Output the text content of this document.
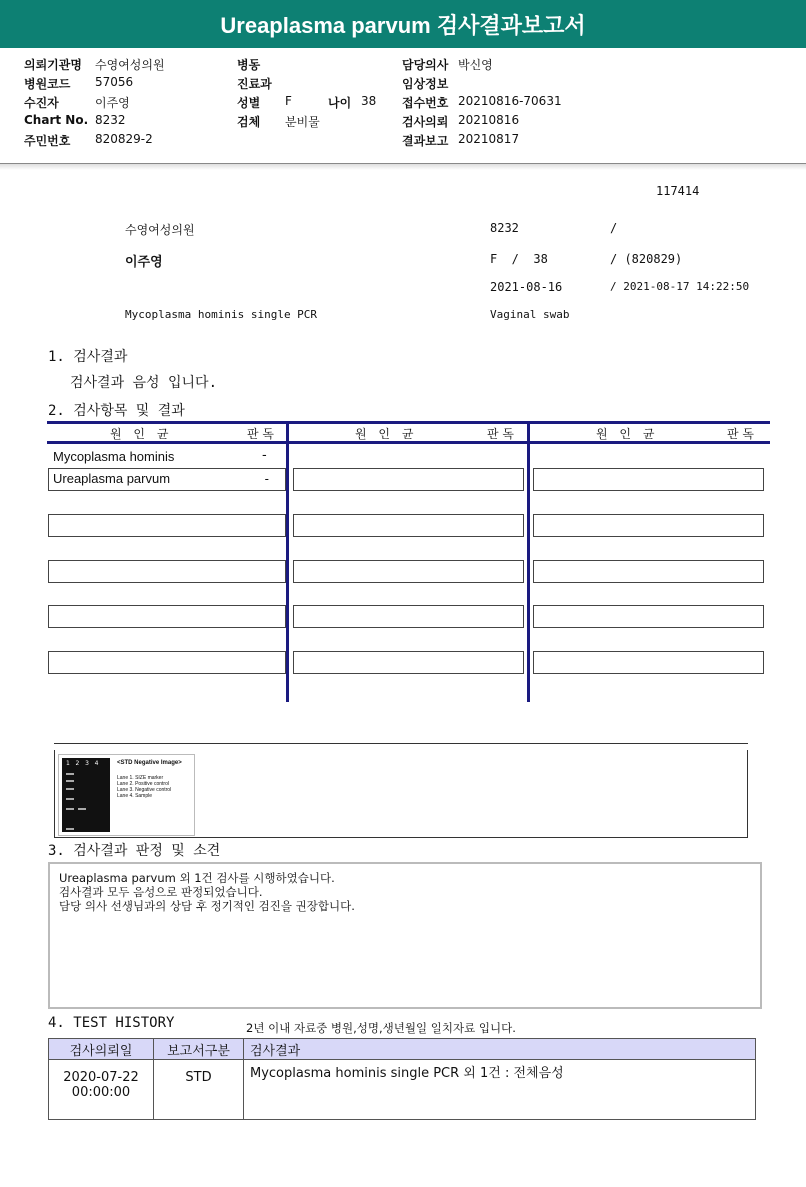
Ureaplasma parvum 검사결과보고서
의뢰기관명 수영여성의원
병원코드 57056
수진자	이주영
Chart No. 8232
주민번호 820829-2
병동
진료과
성별 F	나이 38
검체 분비물
담당의사 박신영
임상정보
접수번호 20210816-70631
검사의뢰 20210816
결과보고 20210817
117414
수영여성의원	8232	/
이주영	F  /  38	/ (820829)
2021-08-16	/ 2021-08-17 14:22:50
Mycoplasma hominis single PCR	Vaginal swab
1. 검사결과
검사결과 음성 입니다.
2. 검사항목 및 결과
원 인 균	판 독	원 인 균	판 독	원 인 균	판 독
Mycoplasma hominis	-
Ureaplasma parvum	-
1   2   3   4	<STD Negative Image>
Lane 1. SIZE marker
Lane 2. Positive control
Lane 3. Negative control
Lane 4. Sample
3. 검사결과 판정 및 소견
Ureaplasma parvum 외 1건 검사를 시행하였습니다.
검사결과 모두 음성으로 판정되었습니다.
담당 의사 선생님과의 상담 후 정기적인 검진을 권장합니다.
4. TEST HISTORY	2년 이내 자료중 병원,성명,생년월일 일치자료 입니다.
검사의뢰일	보고서구분	검사결과

2020-07-22
00:00:00	STD	Mycoplasma hominis single PCR 외 1건 : 전체음성
